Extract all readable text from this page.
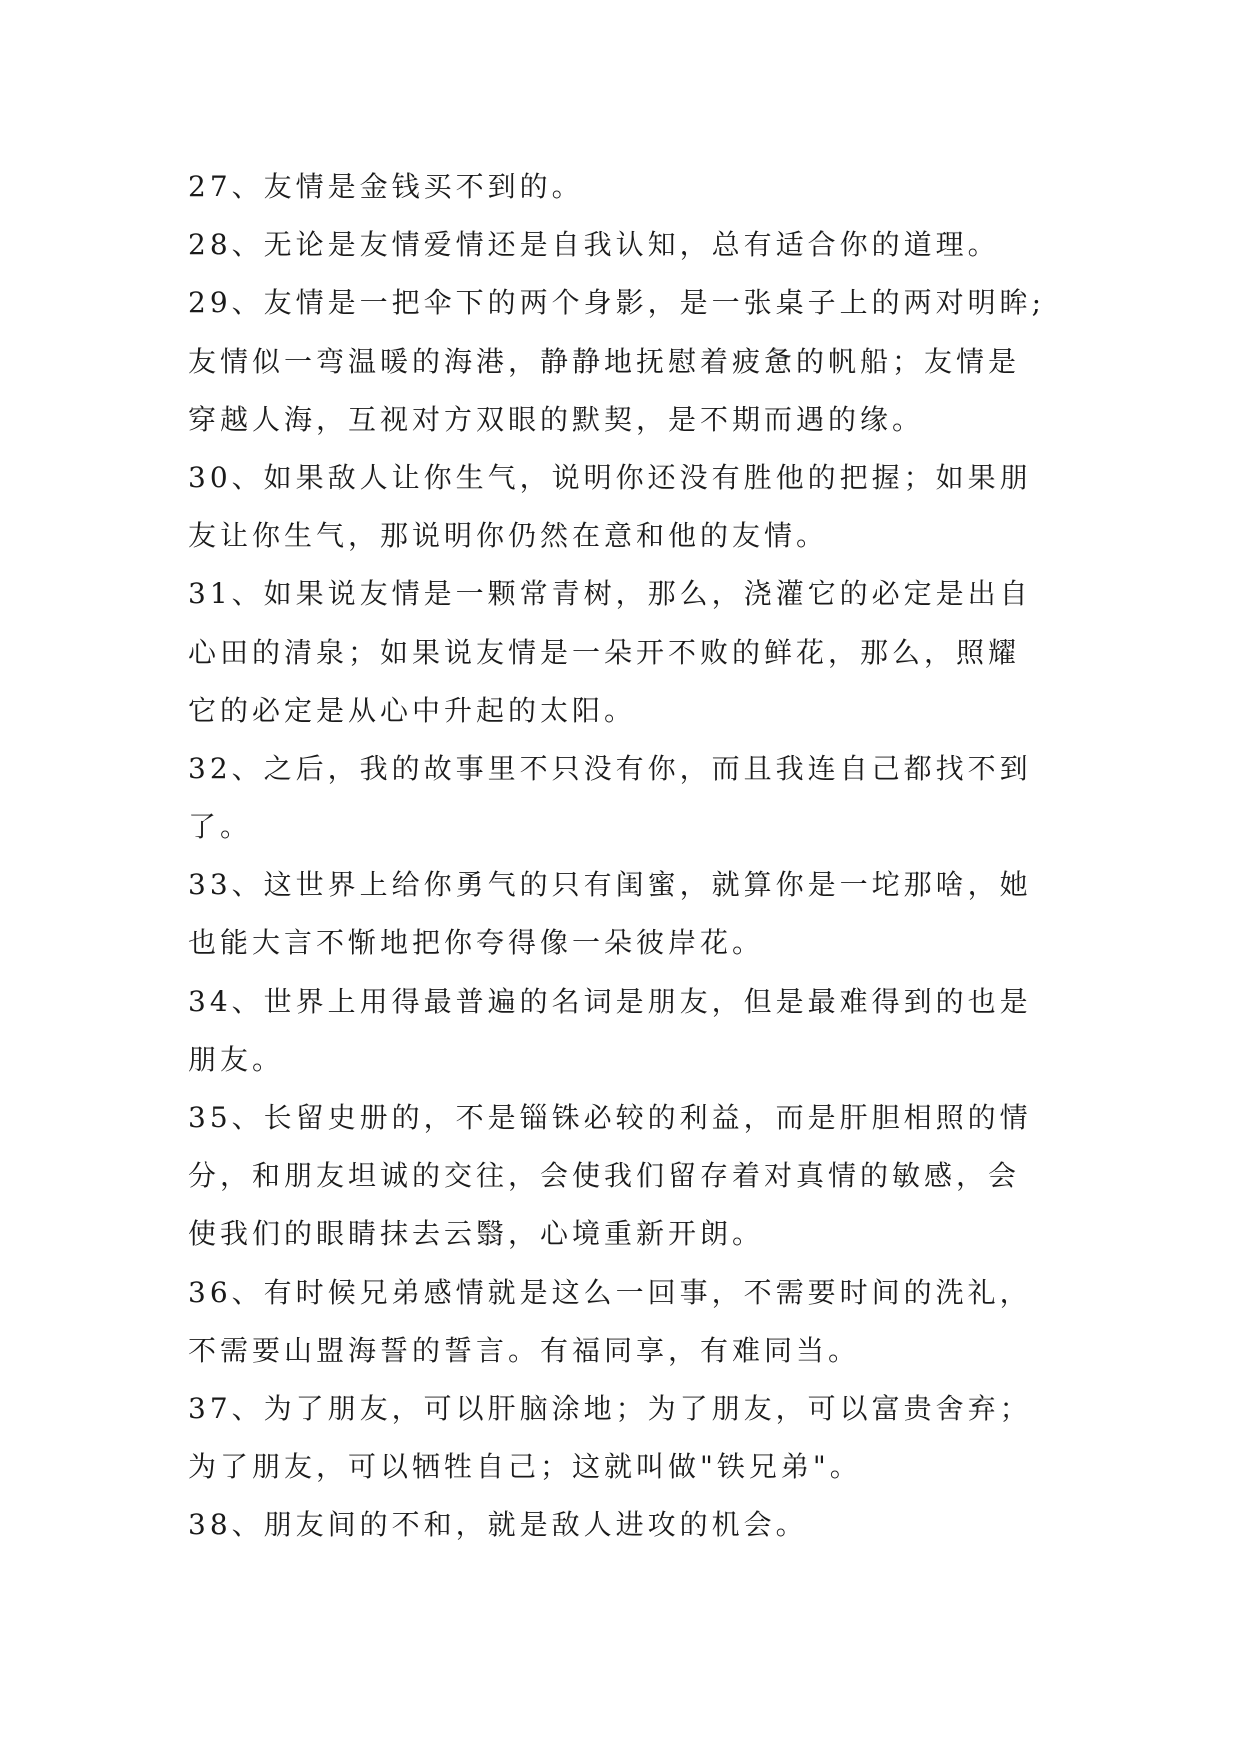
27、友情是金钱买不到的。

28、无论是友情爱情还是自我认知，总有适合你的道理。

29、友情是一把伞下的两个身影，是一张桌子上的两对明眸;

友情似一弯温暖的海港，静静地抚慰着疲惫的帆船；友情是

穿越人海，互视对方双眼的默契，是不期而遇的缘。

30、如果敌人让你生气，说明你还没有胜他的把握；如果朋

友让你生气，那说明你仍然在意和他的友情。

31、如果说友情是一颗常青树，那么，浇灌它的必定是出自

心田的清泉；如果说友情是一朵开不败的鲜花，那么，照耀

它的必定是从心中升起的太阳。

32、之后，我的故事里不只没有你，而且我连自己都找不到

了。

33、这世界上给你勇气的只有闺蜜，就算你是一坨那啥，她

也能大言不惭地把你夸得像一朵彼岸花。

34、世界上用得最普遍的名词是朋友，但是最难得到的也是

朋友。

35、长留史册的，不是锱铢必较的利益，而是肝胆相照的情

分，和朋友坦诚的交往，会使我们留存着对真情的敏感，会

使我们的眼睛抹去云翳，心境重新开朗。

36、有时候兄弟感情就是这么一回事，不需要时间的洗礼，

不需要山盟海誓的誓言。有福同享，有难同当。

37、为了朋友，可以肝脑涂地；为了朋友，可以富贵舍弃；

为了朋友，可以牺牲自己；这就叫做"铁兄弟"。

38、朋友间的不和，就是敌人进攻的机会。
